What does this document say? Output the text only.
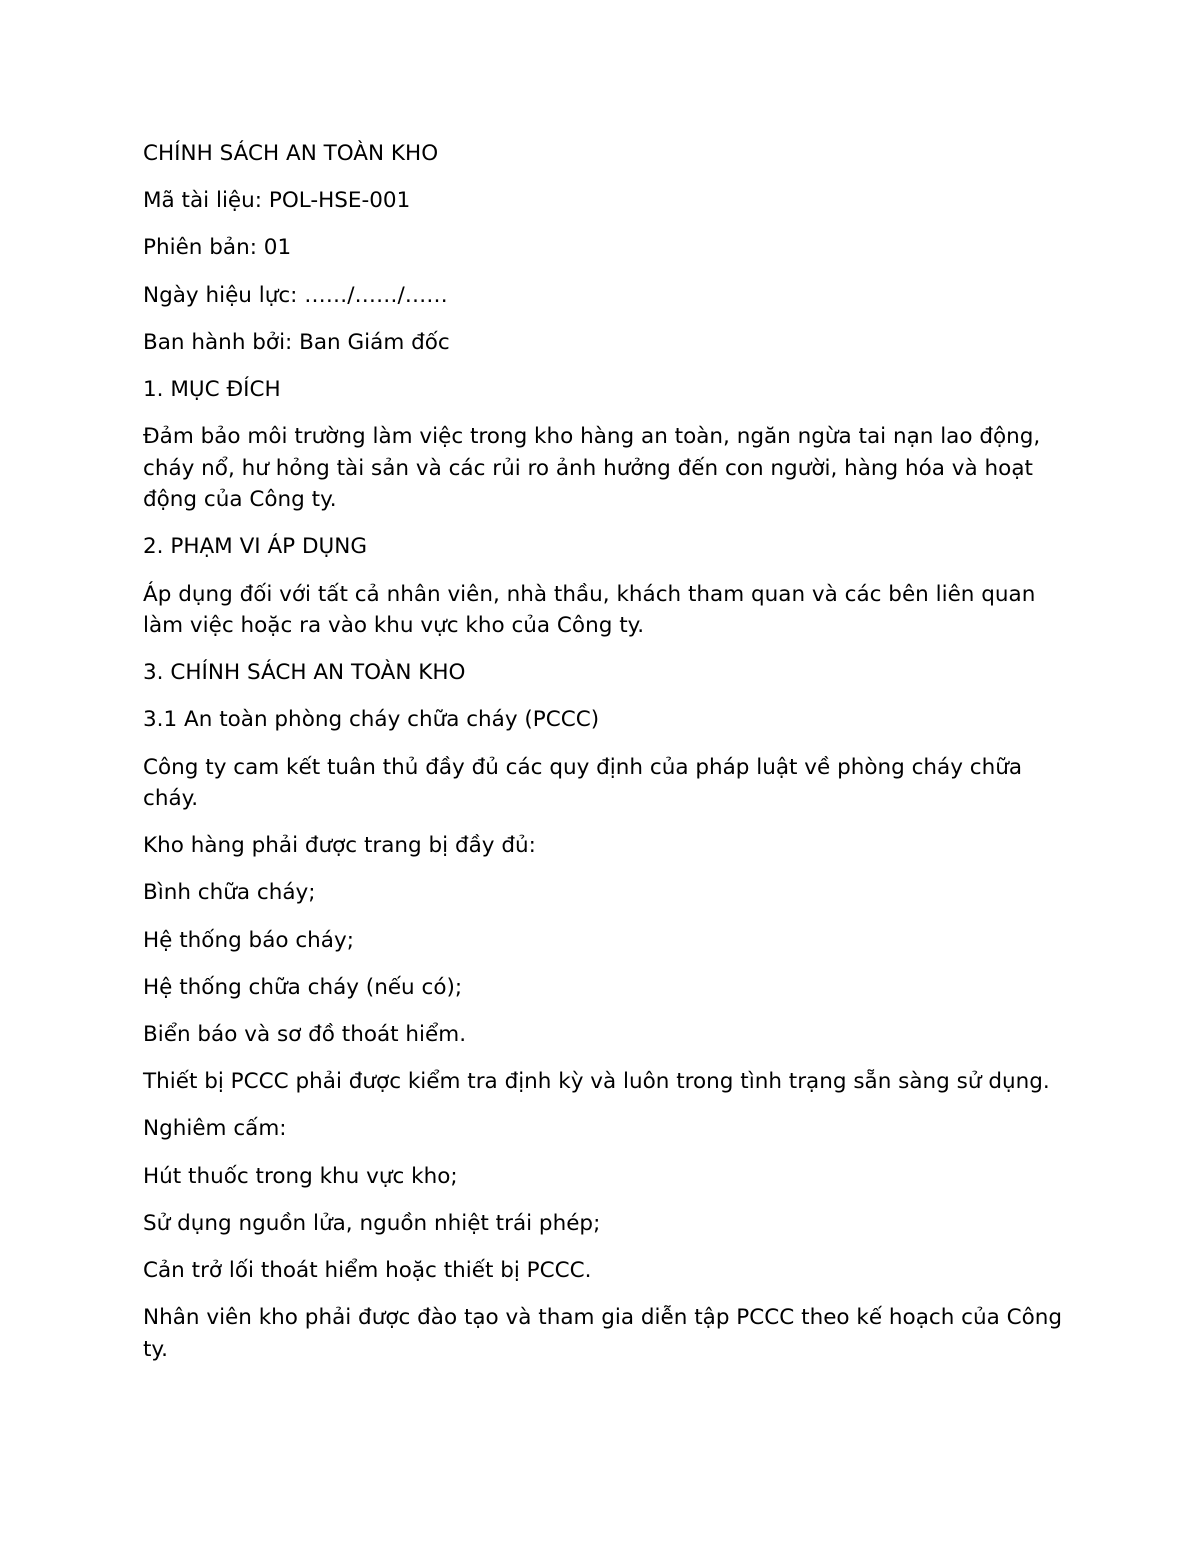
CHÍNH SÁCH AN TOÀN KHO

Mã tài liệu: POL-HSE-001

Phiên bản: 01

Ngày hiệu lực: ……/……/……

Ban hành bởi: Ban Giám đốc

1. MỤC ĐÍCH

Đảm bảo môi trường làm việc trong kho hàng an toàn, ngăn ngừa tai nạn lao động, cháy nổ, hư hỏng tài sản và các rủi ro ảnh hưởng đến con người, hàng hóa và hoạt động của Công ty.

2. PHẠM VI ÁP DỤNG

Áp dụng đối với tất cả nhân viên, nhà thầu, khách tham quan và các bên liên quan làm việc hoặc ra vào khu vực kho của Công ty.

3. CHÍNH SÁCH AN TOÀN KHO

3.1 An toàn phòng cháy chữa cháy (PCCC)

Công ty cam kết tuân thủ đầy đủ các quy định của pháp luật về phòng cháy chữa cháy.

Kho hàng phải được trang bị đầy đủ:

Bình chữa cháy;

Hệ thống báo cháy;

Hệ thống chữa cháy (nếu có);

Biển báo và sơ đồ thoát hiểm.

Thiết bị PCCC phải được kiểm tra định kỳ và luôn trong tình trạng sẵn sàng sử dụng.

Nghiêm cấm:

Hút thuốc trong khu vực kho;

Sử dụng nguồn lửa, nguồn nhiệt trái phép;

Cản trở lối thoát hiểm hoặc thiết bị PCCC.

Nhân viên kho phải được đào tạo và tham gia diễn tập PCCC theo kế hoạch của Công ty.
